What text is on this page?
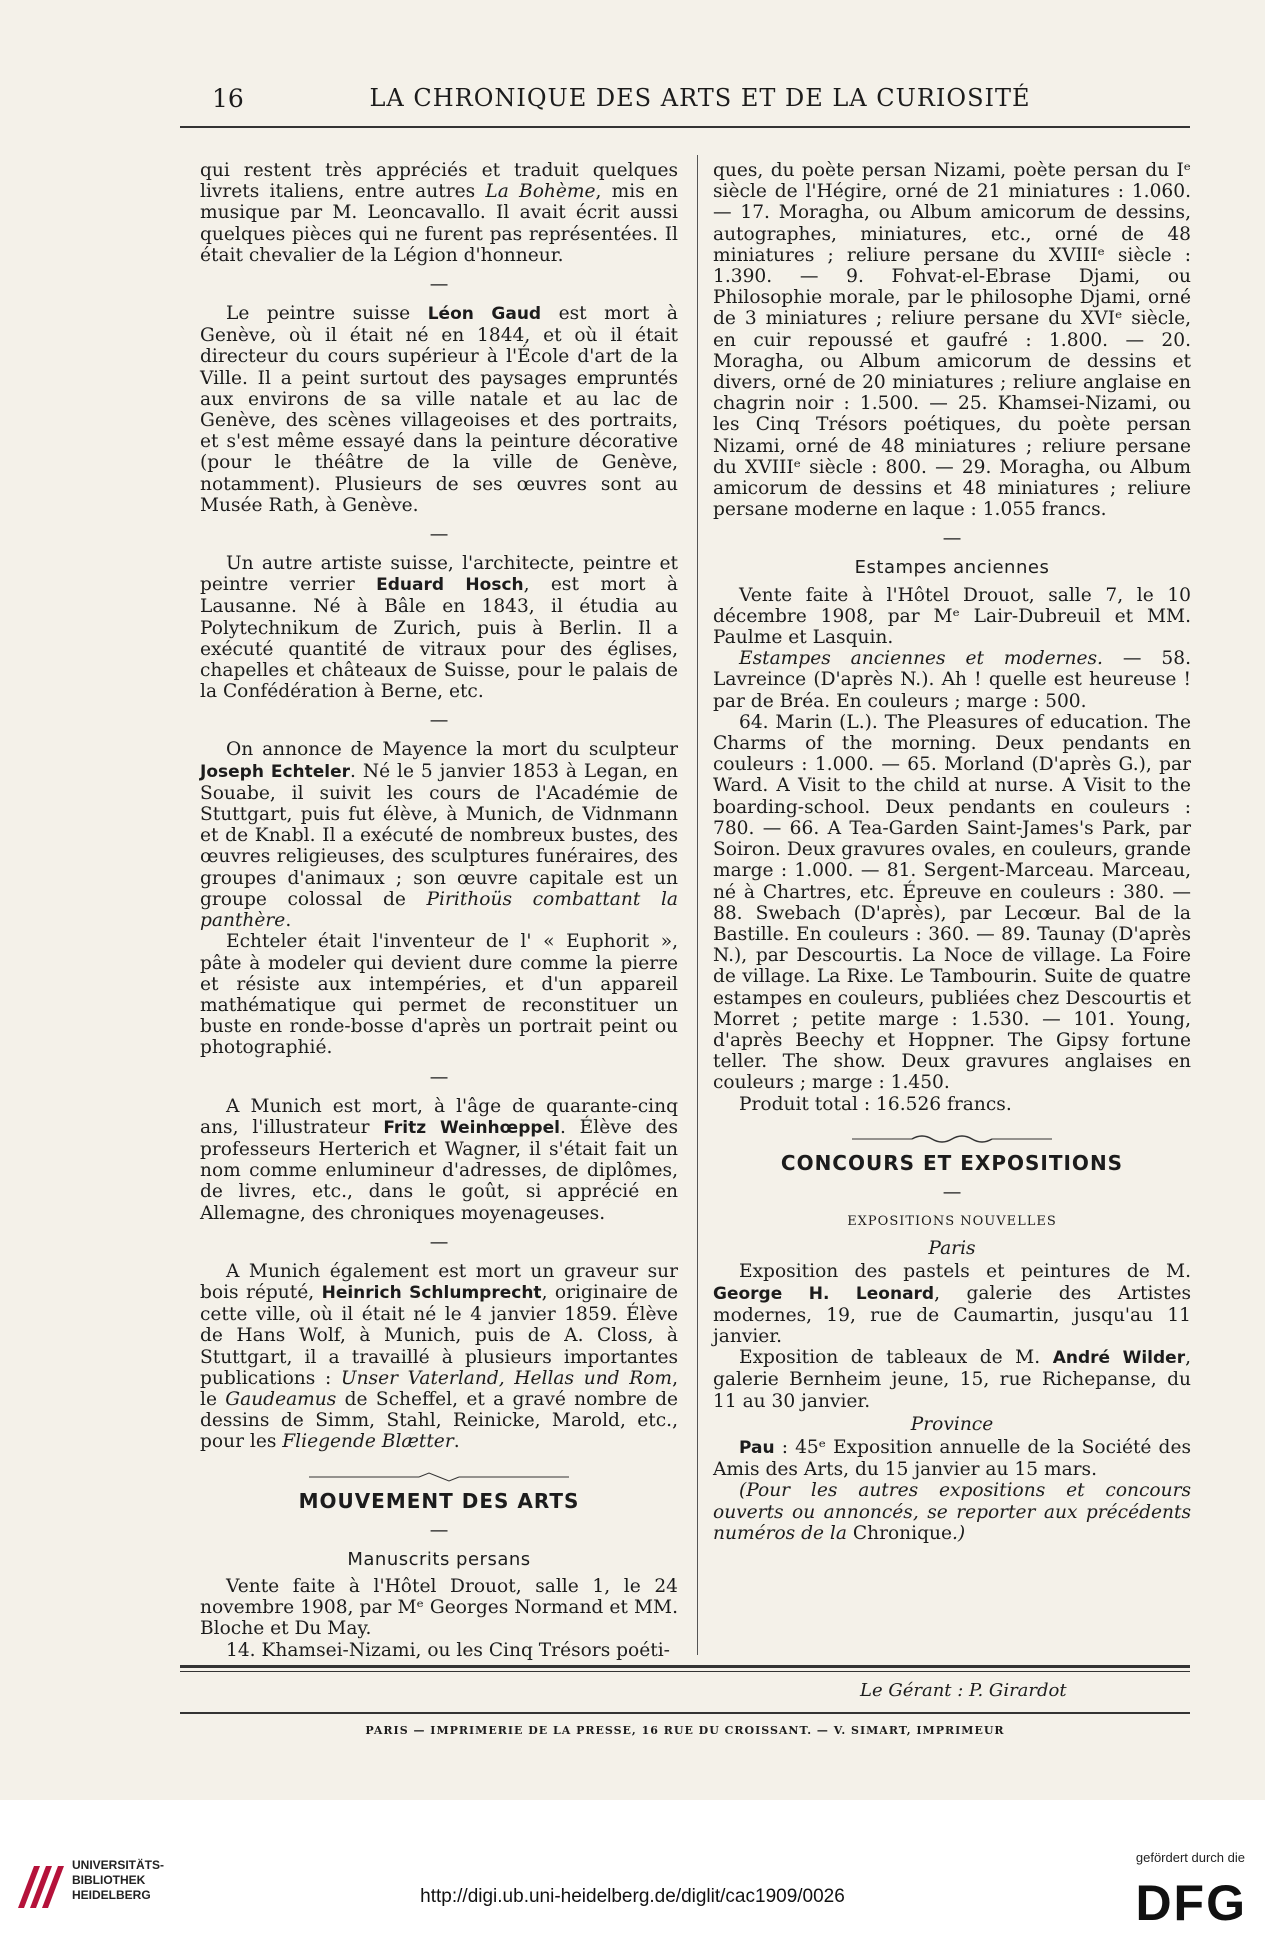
16	LA CHRONIQUE DES ARTS ET DE LA CURIOSITÉ

qui restent très appréciés et traduit quelques livrets italiens, entre autres La Bohème, mis en musique par M. Leoncavallo. Il avait écrit aussi quelques pièces qui ne furent pas représentées. Il était chevalier de la Légion d'honneur.

—

Le peintre suisse Léon Gaud est mort à Genève, où il était né en 1844, et où il était directeur du cours supérieur à l'École d'art de la Ville. Il a peint surtout des paysages empruntés aux environs de sa ville natale et au lac de Genève, des scènes villageoises et des portraits, et s'est même essayé dans la peinture décorative (pour le théâtre de la ville de Genève, notamment). Plusieurs de ses œuvres sont au Musée Rath, à Genève.

—

Un autre artiste suisse, l'architecte, peintre et peintre verrier Eduard Hosch, est mort à Lausanne. Né à Bâle en 1843, il étudia au Polytechnikum de Zurich, puis à Berlin. Il a exécuté quantité de vitraux pour des églises, chapelles et châteaux de Suisse, pour le palais de la Confédération à Berne, etc.

—

On annonce de Mayence la mort du sculpteur Joseph Echteler. Né le 5 janvier 1853 à Legan, en Souabe, il suivit les cours de l'Académie de Stuttgart, puis fut élève, à Munich, de Vidnmann et de Knabl. Il a exécuté de nombreux bustes, des œuvres religieuses, des sculptures funéraires, des groupes d'animaux ; son œuvre capitale est un groupe colossal de Pirithoüs combattant la panthère.

Echteler était l'inventeur de l' « Euphorit », pâte à modeler qui devient dure comme la pierre et résiste aux intempéries, et d'un appareil mathématique qui permet de reconstituer un buste en ronde-bosse d'après un portrait peint ou photographié.

—

A Munich est mort, à l'âge de quarante-cinq ans, l'illustrateur Fritz Weinhœppel. Élève des professeurs Herterich et Wagner, il s'était fait un nom comme enlumineur d'adresses, de diplômes, de livres, etc., dans le goût, si apprécié en Allemagne, des chroniques moyenageuses.

—

A Munich également est mort un graveur sur bois réputé, Heinrich Schlumprecht, originaire de cette ville, où il était né le 4 janvier 1859. Élève de Hans Wolf, à Munich, puis de A. Closs, à Stuttgart, il a travaillé à plusieurs importantes publications : Unser Vaterland, Hellas und Rom, le Gaudeamus de Scheffel, et a gravé nombre de dessins de Simm, Stahl, Reinicke, Marold, etc., pour les Fliegende Blætter.

MOUVEMENT DES ARTS
—
Manuscrits persans

Vente faite à l'Hôtel Drouot, salle 1, le 24 novembre 1908, par Mᵉ Georges Normand et MM. Bloche et Du May.

14. Khamsei-Nizami, ou les Cinq Trésors poéti-

ques, du poète persan Nizami, poète persan du Iᵉ siècle de l'Hégire, orné de 21 miniatures : 1.060. — 17. Moragha, ou Album amicorum de dessins, autographes, miniatures, etc., orné de 48 miniatures ; reliure persane du XVIIIᵉ siècle : 1.390. — 9. Fohvat-el-Ebrase Djami, ou Philosophie morale, par le philosophe Djami, orné de 3 miniatures ; reliure persane du XVIᵉ siècle, en cuir repoussé et gaufré : 1.800. — 20. Moragha, ou Album amicorum de dessins et divers, orné de 20 miniatures ; reliure anglaise en chagrin noir : 1.500. — 25. Khamsei-Nizami, ou les Cinq Trésors poétiques, du poète persan Nizami, orné de 48 miniatures ; reliure persane du XVIIIᵉ siècle : 800. — 29. Moragha, ou Album amicorum de dessins et 48 miniatures ; reliure persane moderne en laque : 1.055 francs.

—
Estampes anciennes

Vente faite à l'Hôtel Drouot, salle 7, le 10 décembre 1908, par Mᵉ Lair-Dubreuil et MM. Paulme et Lasquin.

Estampes anciennes et modernes. — 58. Lavreince (D'après N.). Ah ! quelle est heureuse ! par de Bréa. En couleurs ; marge : 500.

64. Marin (L.). The Pleasures of education. The Charms of the morning. Deux pendants en couleurs : 1.000. — 65. Morland (D'après G.), par Ward. A Visit to the child at nurse. A Visit to the boarding-school. Deux pendants en couleurs : 780. — 66. A Tea-Garden Saint-James's Park, par Soiron. Deux gravures ovales, en couleurs, grande marge : 1.000. — 81. Sergent-Marceau. Marceau, né à Chartres, etc. Épreuve en couleurs : 380. — 88. Swebach (D'après), par Lecœur. Bal de la Bastille. En couleurs : 360. — 89. Taunay (D'après N.), par Descourtis. La Noce de village. La Foire de village. La Rixe. Le Tambourin. Suite de quatre estampes en couleurs, publiées chez Descourtis et Morret ; petite marge : 1.530. — 101. Young, d'après Beechy et Hoppner. The Gipsy fortune teller. The show. Deux gravures anglaises en couleurs ; marge : 1.450.

Produit total : 16.526 francs.

CONCOURS ET EXPOSITIONS
—
EXPOSITIONS NOUVELLES
Paris

Exposition des pastels et peintures de M. George H. Leonard, galerie des Artistes modernes, 19, rue de Caumartin, jusqu'au 11 janvier.

Exposition de tableaux de M. André Wilder, galerie Bernheim jeune, 15, rue Richepanse, du 11 au 30 janvier.

Province

Pau : 45ᵉ Exposition annuelle de la Société des Amis des Arts, du 15 janvier au 15 mars.

(Pour les autres expositions et concours ouverts ou annoncés, se reporter aux précédents numéros de la Chronique.)

Le Gérant : P. Girardot
PARIS — IMPRIMERIE DE LA PRESSE, 16 RUE DU CROISSANT. — V. SIMART, IMPRIMEUR
UNIVERSITÄTS-
BIBLIOTHEK
HEIDELBERG	http://digi.ub.uni-heidelberg.de/diglit/cac1909/0026
gefördert durch die
DFG
